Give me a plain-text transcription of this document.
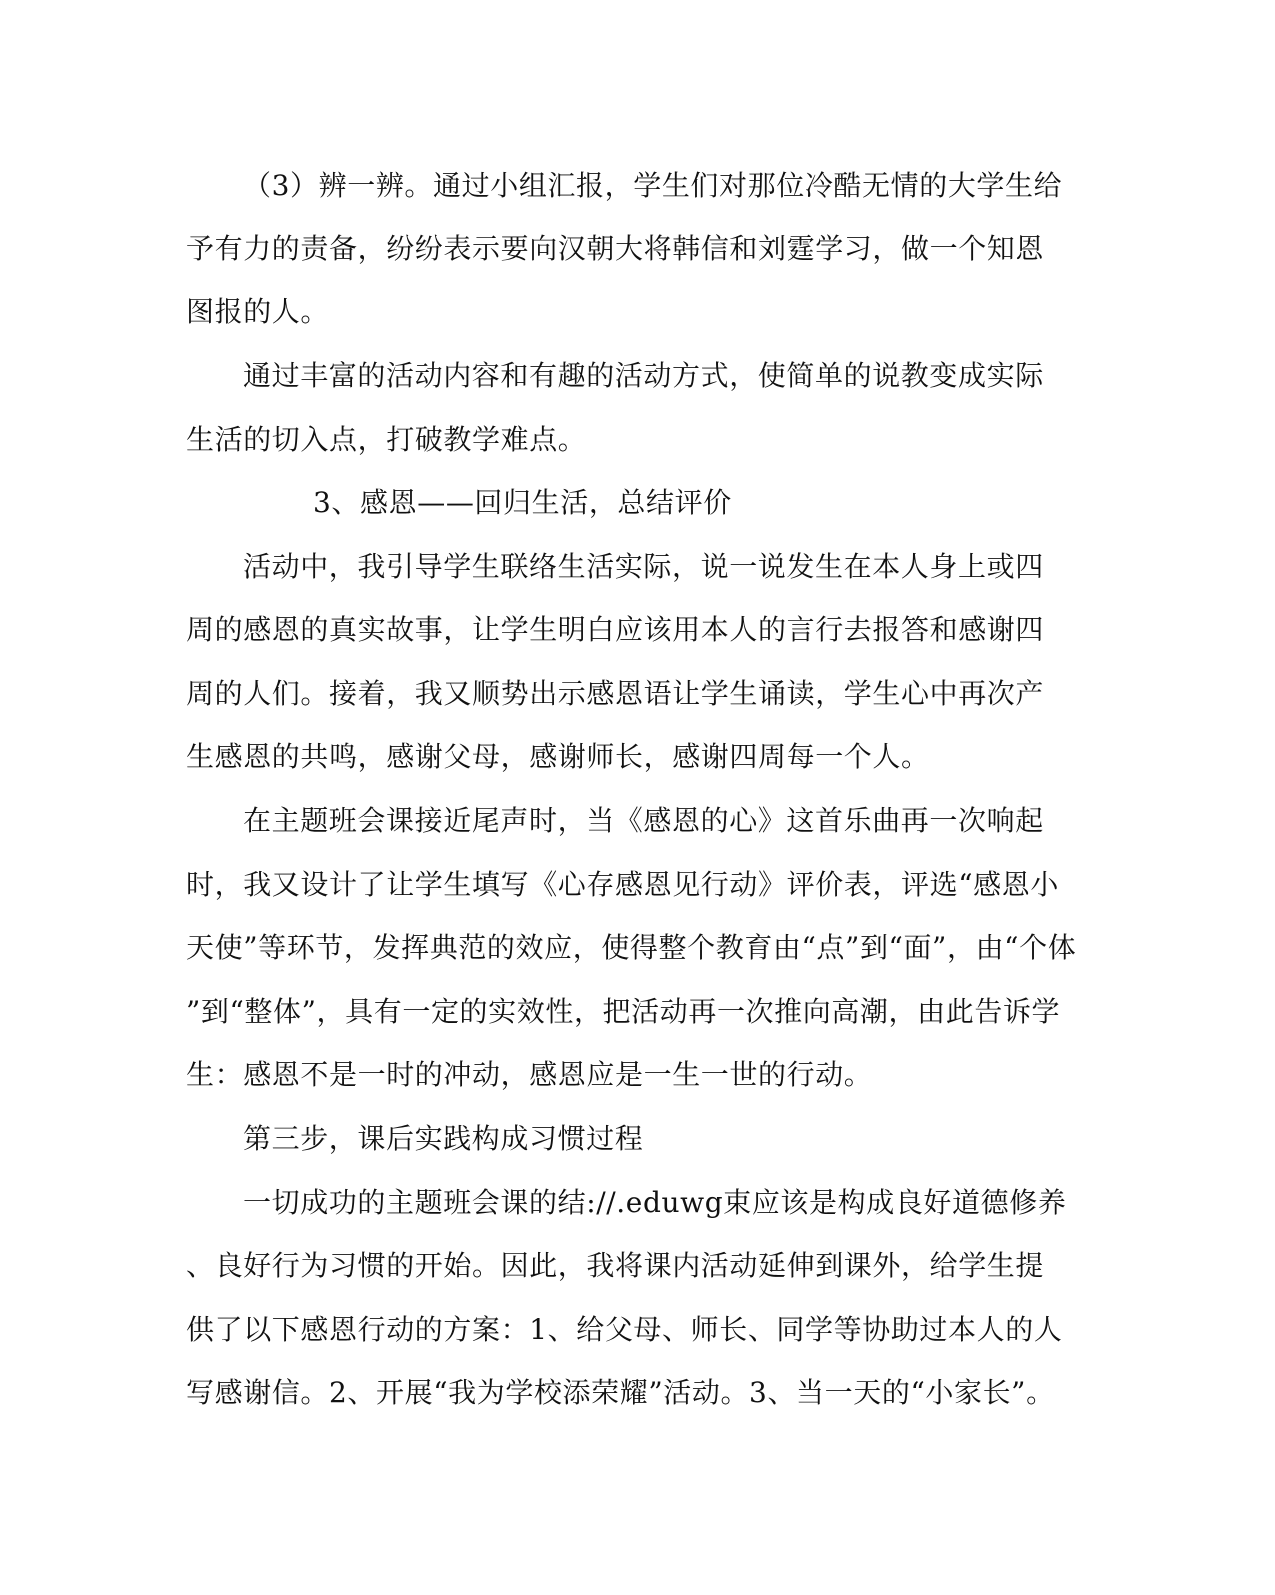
（3）辨一辨。通过小组汇报，学生们对那位冷酷无情的大学生给

予有力的责备，纷纷表示要向汉朝大将韩信和刘霆学习，做一个知恩

图报的人。

通过丰富的活动内容和有趣的活动方式，使简单的说教变成实际

生活的切入点，打破教学难点。

3、感恩——回归生活，总结评价

活动中，我引导学生联络生活实际，说一说发生在本人身上或四

周的感恩的真实故事，让学生明白应该用本人的言行去报答和感谢四

周的人们。接着，我又顺势出示感恩语让学生诵读，学生心中再次产

生感恩的共鸣，感谢父母，感谢师长，感谢四周每一个人。

在主题班会课接近尾声时，当《感恩的心》这首乐曲再一次响起

时，我又设计了让学生填写《心存感恩见行动》评价表，评选“感恩小

天使”等环节，发挥典范的效应，使得整个教育由“点”到“面”，由“个体

”到“整体”，具有一定的实效性，把活动再一次推向高潮，由此告诉学

生：感恩不是一时的冲动，感恩应是一生一世的行动。

第三步，课后实践构成习惯过程

一切成功的主题班会课的结://.eduwg束应该是构成良好道德修养

、良好行为习惯的开始。因此，我将课内活动延伸到课外，给学生提

供了以下感恩行动的方案：1、给父母、师长、同学等协助过本人的人

写感谢信。2、开展“我为学校添荣耀”活动。3、当一天的“小家长”。
